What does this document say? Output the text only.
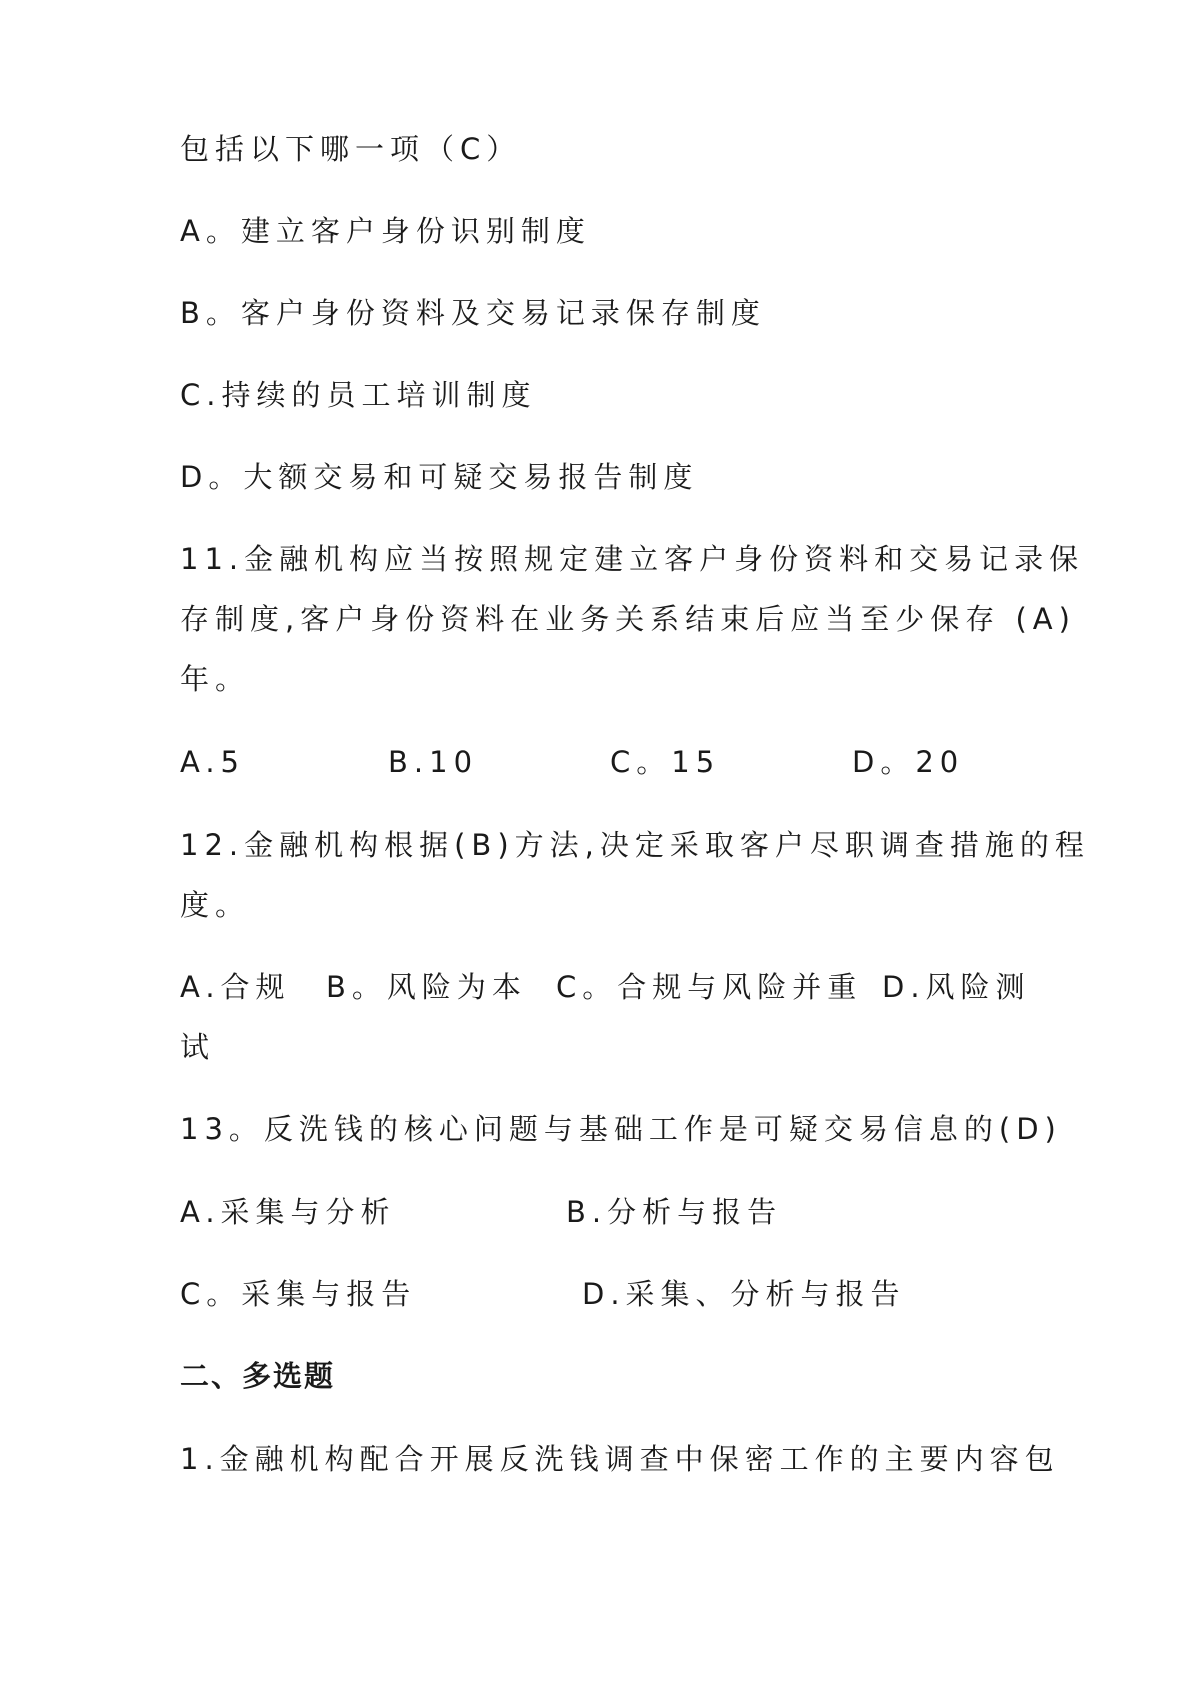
包括以下哪一项（C）

A。建立客户身份识别制度

B。客户身份资料及交易记录保存制度

C.持续的员工培训制度

D。大额交易和可疑交易报告制度

11.金融机构应当按照规定建立客户身份资料和交易记录保

存制度,客户身份资料在业务关系结束后应当至少保存 (A)

年。

A.5	B.10	C。15	D。20

12.金融机构根据(B)方法,决定采取客户尽职调查措施的程

度。

A.合规 B。风险为本 C。合规与风险并重 D.风险测

试

13。反洗钱的核心问题与基础工作是可疑交易信息的(D)

A.采集与分析	B.分析与报告

C。采集与报告	D.采集、分析与报告

二、多选题

1.金融机构配合开展反洗钱调查中保密工作的主要内容包
